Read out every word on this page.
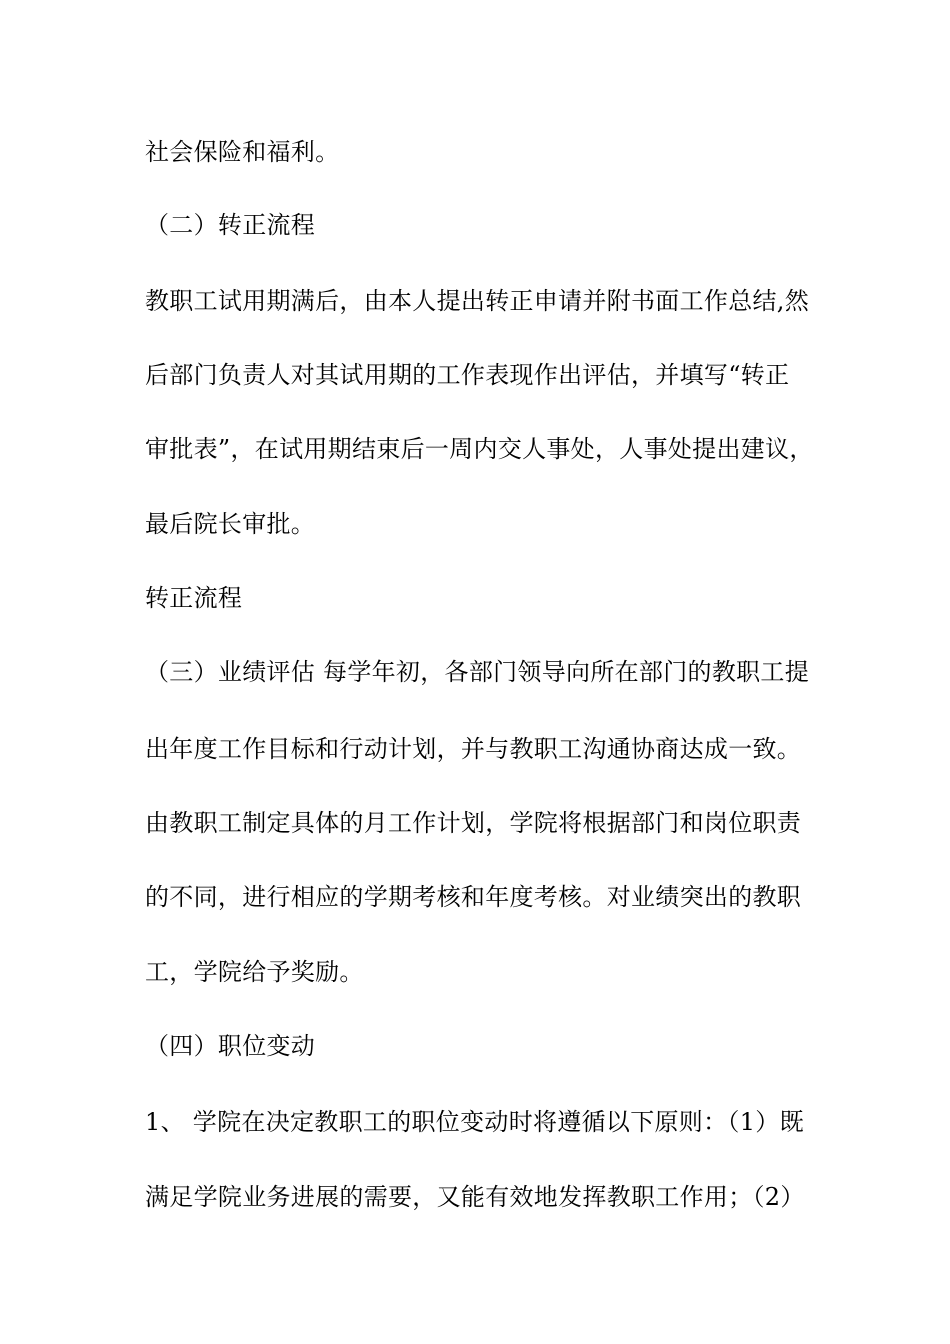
社会保险和福利。
（二）转正流程
教职工试用期满后，由本人提出转正申请并附书面工作总结,然
后部门负责人对其试用期的工作表现作出评估，并填写“转正
审批表”，在试用期结束后一周内交人事处，人事处提出建议，
最后院长审批。
转正流程
（三）业绩评估 每学年初，各部门领导向所在部门的教职工提
出年度工作目标和行动计划，并与教职工沟通协商达成一致。
由教职工制定具体的月工作计划，学院将根据部门和岗位职责
的不同，进行相应的学期考核和年度考核。对业绩突出的教职
工，学院给予奖励。
（四）职位变动
1、 学院在决定教职工的职位变动时将遵循以下原则：（1）既
满足学院业务进展的需要，又能有效地发挥教职工作用；（2）
